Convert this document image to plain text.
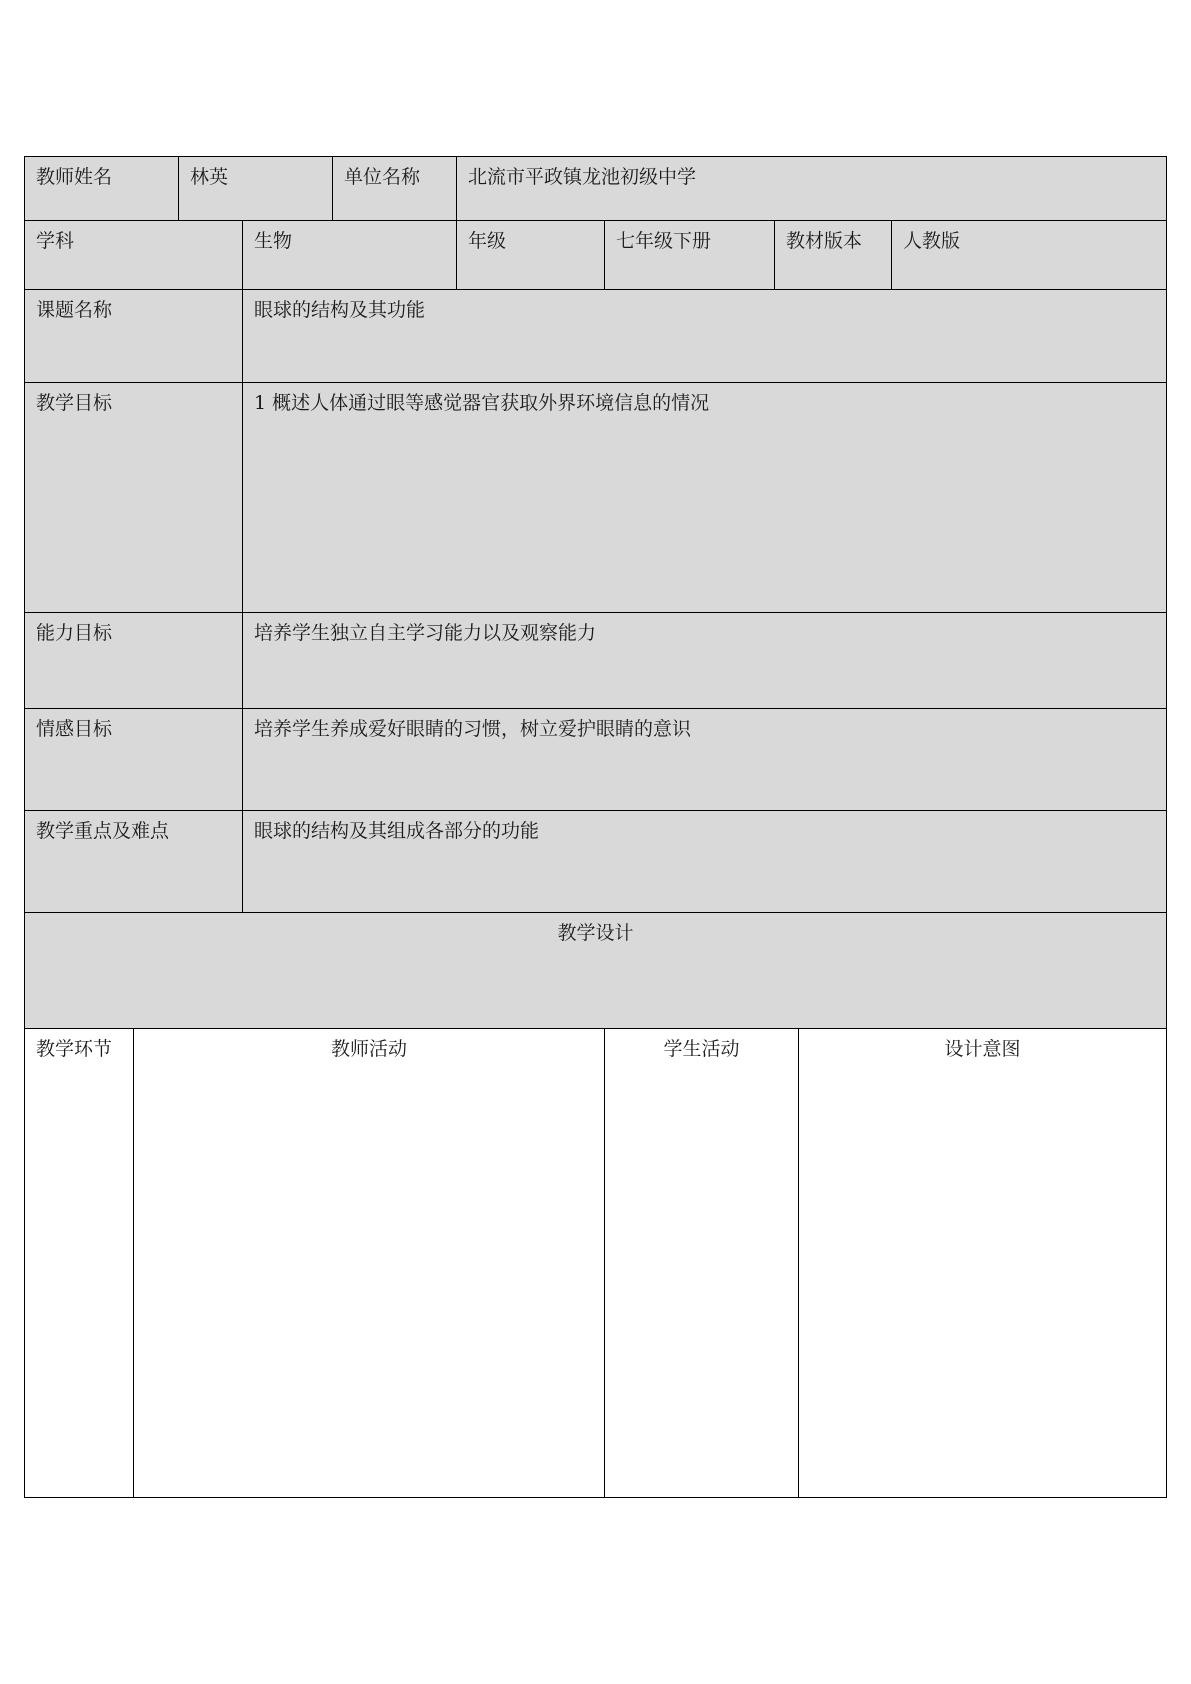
教师姓名	林英	单位名称	北流市平政镇龙池初级中学
学科	生物	年级	七年级下册	教材版本	人教版
课题名称	眼球的结构及其功能
教学目标	1 概述人体通过眼等感觉器官获取外界环境信息的情况
能力目标	培养学生独立自主学习能力以及观察能力
情感目标	培养学生养成爱好眼睛的习惯，树立爱护眼睛的意识
教学重点及难点	眼球的结构及其组成各部分的功能
教学设计
教学环节	教师活动	学生活动	设计意图
